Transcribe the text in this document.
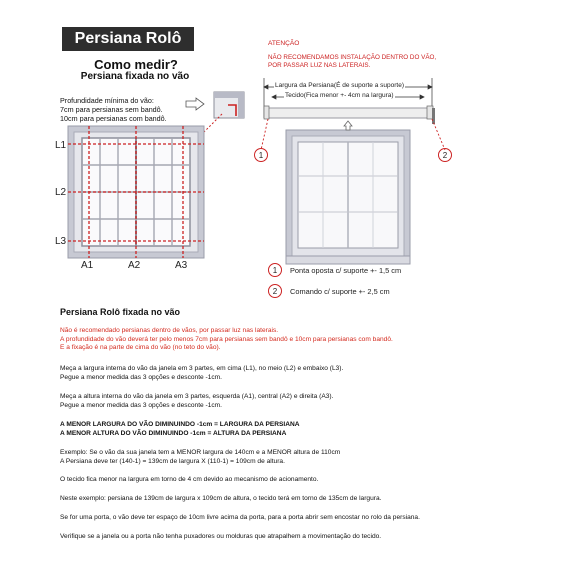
Persiana Rolô
Como medir?
Persiana fixada no vão
Profundidade mínima do vão:
7cm para persianas sem bandô.
10cm para persianas com bandô.
L1
L2
L3
A1	A2	A3
ATENÇÃO
NÃO RECOMENDAMOS INSTALAÇÃO DENTRO DO VÃO,
POR PASSAR LUZ NAS LATERAIS.
Largura da Persiana(É de suporte a suporte)
Tecido(Fica menor +- 4cm na largura)
1	2
1	Ponta oposta c/ suporte +- 1,5 cm
2	Comando c/ suporte +- 2,5 cm
Persiana Rolô fixada no vão
Não é recomendado persianas dentro de vãos, por passar luz nas laterais.
A profundidade do vão deverá ter pelo menos 7cm para persianas sem bandô e 10cm para persianas com bandô.
E a fixação é na parte de cima do vão (no teto do vão).
Meça a largura interna do vão da janela em 3 partes, em cima (L1), no meio (L2) e embaixo (L3).
Pegue a menor medida das 3 opções e desconte -1cm.
Meça a altura interna do vão da janela em 3 partes, esquerda (A1), central (A2) e direita (A3).
Pegue a menor medida das 3 opções e desconte -1cm.
A MENOR LARGURA DO VÃO DIMINUINDO -1cm = LARGURA DA PERSIANA
A MENOR ALTURA DO VÃO DIMINUINDO -1cm = ALTURA DA PERSIANA
Exemplo: Se o vão da sua janela tem a MENOR largura de 140cm e a MENOR altura de 110cm
A Persiana deve ter (140-1) = 139cm de largura X (110-1) = 109cm de altura.
O tecido fica menor na largura em torno de 4 cm devido ao mecanismo de acionamento.
Neste exemplo: persiana de 139cm de largura x 109cm de altura, o tecido terá em torno de 135cm de largura.
Se for uma porta, o vão deve ter espaço de 10cm livre acima da porta, para a porta abrir sem encostar no rolo da persiana.
Verifique se a janela ou a porta não tenha puxadores ou molduras que atrapalhem a movimentação do tecido.
